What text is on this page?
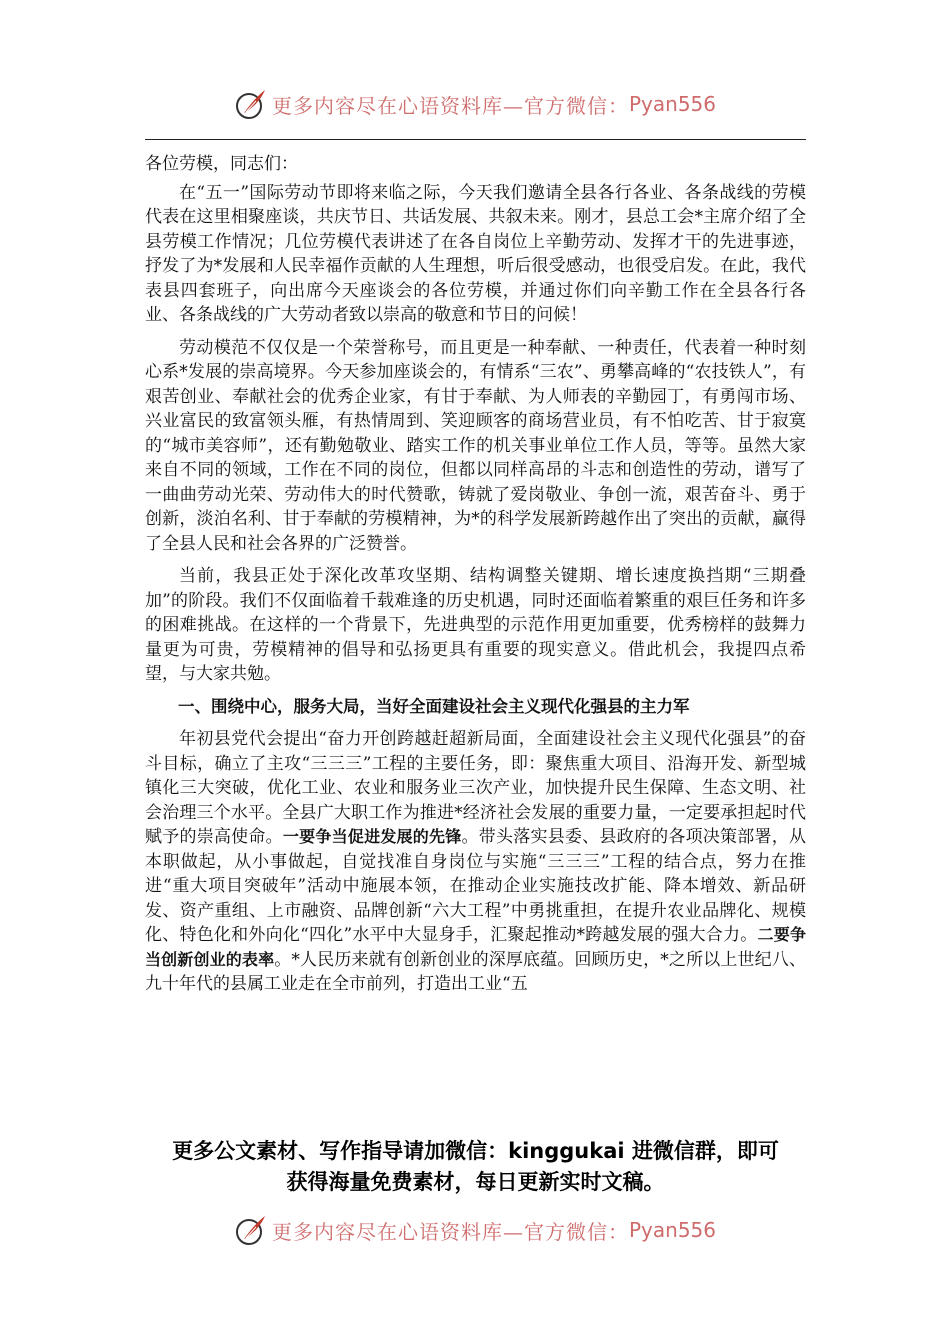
更多内容尽在心语资料库—官方微信： Pyan556

各位劳模，同志们：

在“五一”国际劳动节即将来临之际，今天我们邀请全县各行各业、各条战线的劳模代表在这里相聚座谈，共庆节日、共话发展、共叙未来。刚才，县总工会*主席介绍了全县劳模工作情况；几位劳模代表讲述了在各自岗位上辛勤劳动、发挥才干的先进事迹，抒发了为*发展和人民幸福作贡献的人生理想，听后很受感动，也很受启发。在此，我代表县四套班子，向出席今天座谈会的各位劳模，并通过你们向辛勤工作在全县各行各业、各条战线的广大劳动者致以崇高的敬意和节日的问候！

劳动模范不仅仅是一个荣誉称号，而且更是一种奉献、一种责任，代表着一种时刻心系*发展的崇高境界。今天参加座谈会的，有情系“三农”、勇攀高峰的“农技铁人”，有艰苦创业、奉献社会的优秀企业家，有甘于奉献、为人师表的辛勤园丁，有勇闯市场、兴业富民的致富领头雁，有热情周到、笑迎顾客的商场营业员，有不怕吃苦、甘于寂寞的“城市美容师”，还有勤勉敬业、踏实工作的机关事业单位工作人员，等等。虽然大家来自不同的领域，工作在不同的岗位，但都以同样高昂的斗志和创造性的劳动，谱写了一曲曲劳动光荣、劳动伟大的时代赞歌，铸就了爱岗敬业、争创一流，艰苦奋斗、勇于创新，淡泊名利、甘于奉献的劳模精神，为*的科学发展新跨越作出了突出的贡献，赢得了全县人民和社会各界的广泛赞誉。

当前，我县正处于深化改革攻坚期、结构调整关键期、增长速度换挡期“三期叠加”的阶段。我们不仅面临着千载难逢的历史机遇，同时还面临着繁重的艰巨任务和许多的困难挑战。在这样的一个背景下，先进典型的示范作用更加重要，优秀榜样的鼓舞力量更为可贵，劳模精神的倡导和弘扬更具有重要的现实意义。借此机会，我提四点希望，与大家共勉。

一、围绕中心，服务大局，当好全面建设社会主义现代化强县的主力军

年初县党代会提出“奋力开创跨越赶超新局面，全面建设社会主义现代化强县”的奋斗目标，确立了主攻“三三三”工程的主要任务，即：聚焦重大项目、沿海开发、新型城镇化三大突破，优化工业、农业和服务业三次产业，加快提升民生保障、生态文明、社会治理三个水平。全县广大职工作为推进*经济社会发展的重要力量，一定要承担起时代赋予的崇高使命。一要争当促进发展的先锋。带头落实县委、县政府的各项决策部署，从本职做起，从小事做起，自觉找准自身岗位与实施“三三三”工程的结合点，努力在推进“重大项目突破年”活动中施展本领，在推动企业实施技改扩能、降本增效、新品研发、资产重组、上市融资、品牌创新“六大工程”中勇挑重担，在提升农业品牌化、规模化、特色化和外向化“四化”水平中大显身手，汇聚起推动*跨越发展的强大合力。二要争当创新创业的表率。*人民历来就有创新创业的深厚底蕴。回顾历史，*之所以上世纪八、九十年代的县属工业走在全市前列，打造出工业“五

更多公文素材、写作指导请加微信：kinggukai 进微信群，即可
获得海量免费素材，每日更新实时文稿。
更多内容尽在心语资料库—官方微信： Pyan556
